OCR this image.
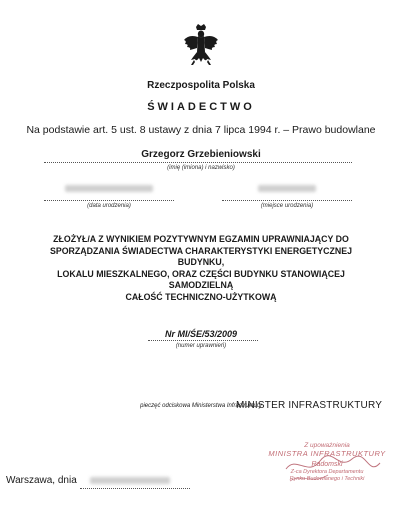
Rzeczpospolita Polska
ŚWIADECTWO
Na podstawie art. 5 ust. 8 ustawy z dnia 7 lipca 1994 r. – Prawo budowlane
Grzegorz Grzebieniowski
(imię (imiona) i nazwisko)
(data urodzenia)	(miejsce urodzenia)
ZŁOŻYŁ/A Z WYNIKIEM POZYTYWNYM EGZAMIN UPRAWNIAJĄCY DO
SPORZĄDZANIA ŚWIADECTWA CHARAKTERYSTYKI ENERGETYCZNEJ BUDYNKU,
LOKALU MIESZKALNEGO, ORAZ CZĘŚCI BUDYNKU STANOWIĄCEJ SAMODZIELNĄ
CAŁOŚĆ TECHNICZNO-UŻYTKOWĄ
Nr MI/ŚE/53/2009
(numer uprawnień)
pieczęć odciskowa Ministerstwa Infrastruktury
MINISTER INFRASTRUKTURY
Z upoważnienia
MINISTRA INFRASTRUKTURY
Radomski
Z-ca Dyrektora Departamentu
Rynku Budowlanego i Techniki
Warszawa, dnia
